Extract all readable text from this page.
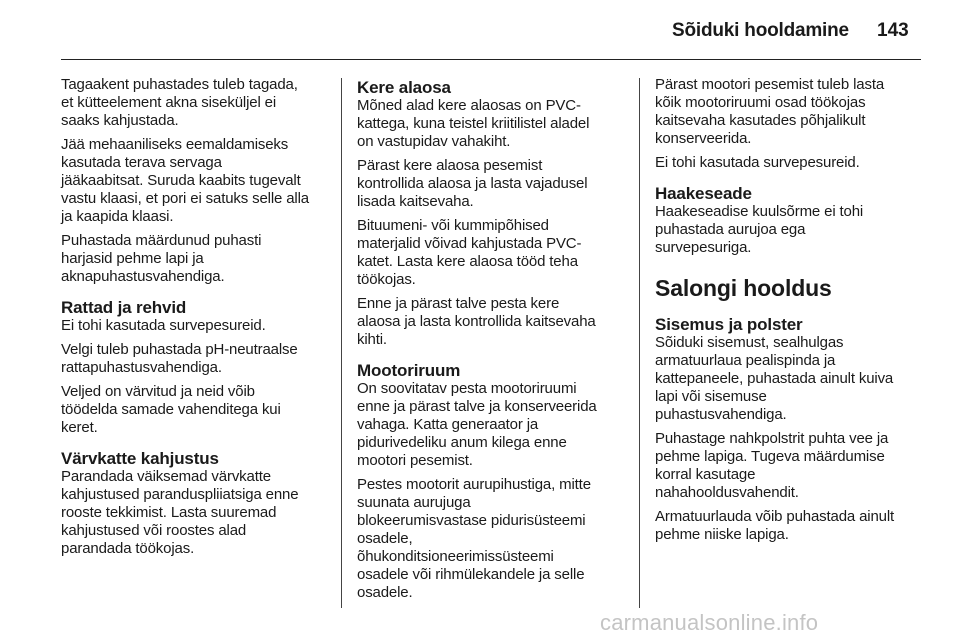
Sõiduki hooldamine 143

Tagaakent puhastades tuleb tagada,
et kütteelement akna siseküljel ei
saaks kahjustada.

Jää mehaaniliseks eemaldamiseks
kasutada terava servaga
jääkaabitsat. Suruda kaabits tugevalt
vastu klaasi, et pori ei satuks selle alla
ja kaapida klaasi.

Puhastada määrdunud puhasti
harjasid pehme lapi ja
aknapuhastusvahendiga.

Rattad ja rehvid

Ei tohi kasutada survepesureid.

Velgi tuleb puhastada pH-neutraalse
rattapuhastusvahendiga.

Veljed on värvitud ja neid võib
töödelda samade vahenditega kui
keret.

Värvkatte kahjustus

Parandada väiksemad värvkatte
kahjustused paranduspliiatsiga enne
rooste tekkimist. Lasta suuremad
kahjustused või roostes alad
parandada töökojas.

Kere alaosa

Mõned alad kere alaosas on PVC-
kattega, kuna teistel kriitilistel aladel
on vastupidav vahakiht.

Pärast kere alaosa pesemist
kontrollida alaosa ja lasta vajadusel
lisada kaitsevaha.

Bituumeni- või kummipõhised
materjalid võivad kahjustada PVC-
katet. Lasta kere alaosa tööd teha
töökojas.

Enne ja pärast talve pesta kere
alaosa ja lasta kontrollida kaitsevaha
kihti.

Mootoriruum

On soovitatav pesta mootoriruumi
enne ja pärast talve ja konserveerida
vahaga. Katta generaator ja
pidurivedeliku anum kilega enne
mootori pesemist.

Pestes mootorit aurupihustiga, mitte
suunata aurujuga
blokeerumisvastase pidurisüsteemi
osadele,
õhukonditsioneerimissüsteemi
osadele või rihmülekandele ja selle
osadele.

Pärast mootori pesemist tuleb lasta
kõik mootoriruumi osad töökojas
kaitsevaha kasutades põhjalikult
konserveerida.

Ei tohi kasutada survepesureid.

Haakeseade

Haakeseadise kuulsõrme ei tohi
puhastada aurujoa ega
survepesuriga.

Salongi hooldus
Sisemus ja polster

Sõiduki sisemust, sealhulgas
armatuurlaua pealispinda ja
kattepaneele, puhastada ainult kuiva
lapi või sisemuse
puhastusvahendiga.

Puhastage nahkpolstrit puhta vee ja
pehme lapiga. Tugeva määrdumise
korral kasutage
nahahooldusvahendit.

Armatuurlauda võib puhastada ainult
pehme niiske lapiga.

carmanualsonline.info
